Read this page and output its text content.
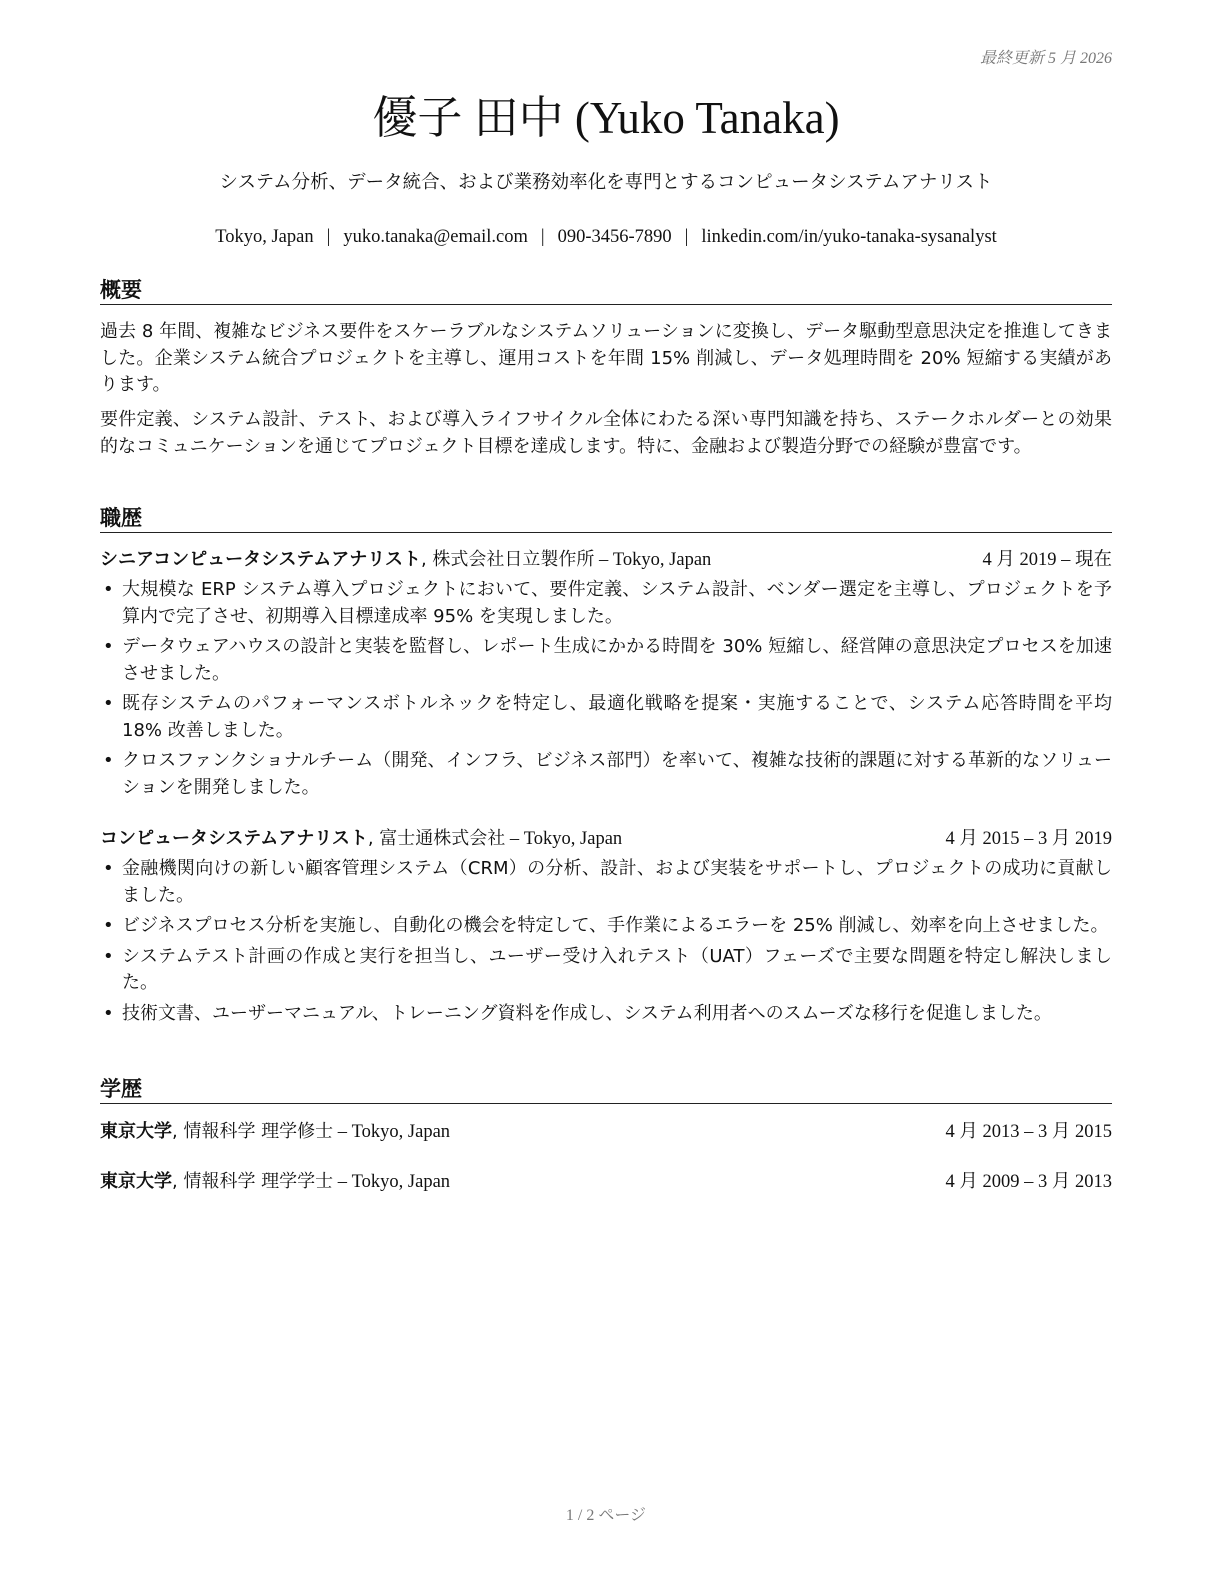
最終更新 5 月 2026
優子 田中 (Yuko Tanaka)
システム分析、データ統合、および業務効率化を専門とするコンピュータシステムアナリスト
Tokyo, Japan | yuko.tanaka@email.com | 090-3456-7890 | linkedin.com/in/yuko-tanaka-sysanalyst
概要
過去 8 年間、複雑なビジネス要件をスケーラブルなシステムソリューションに変換し、データ駆動型意思決定を推進してきました。企業システム統合プロジェクトを主導し、運用コストを年間 15% 削減し、データ処理時間を 20% 短縮する実績があります。
要件定義、システム設計、テスト、および導入ライフサイクル全体にわたる深い専門知識を持ち、ステークホルダーとの効果的なコミュニケーションを通じてプロジェクト目標を達成します。特に、金融および製造分野での経験が豊富です。
職歴
シニアコンピュータシステムアナリスト, 株式会社日立製作所 – Tokyo, Japan	4 月 2019 – 現在
• 大規模な ERP システム導入プロジェクトにおいて、要件定義、システム設計、ベンダー選定を主導し、プロジェクトを予算内で完了させ、初期導入目標達成率 95% を実現しました。
• データウェアハウスの設計と実装を監督し、レポート生成にかかる時間を 30% 短縮し、経営陣の意思決定プロセスを加速させました。
• 既存システムのパフォーマンスボトルネックを特定し、最適化戦略を提案・実施することで、システム応答時間を平均 18% 改善しました。
• クロスファンクショナルチーム（開発、インフラ、ビジネス部門）を率いて、複雑な技術的課題に対する革新的なソリューションを開発しました。
コンピュータシステムアナリスト, 富士通株式会社 – Tokyo, Japan	4 月 2015 – 3 月 2019
• 金融機関向けの新しい顧客管理システム（CRM）の分析、設計、および実装をサポートし、プロジェクトの成功に貢献しました。
• ビジネスプロセス分析を実施し、自動化の機会を特定して、手作業によるエラーを 25% 削減し、効率を向上させました。
• システムテスト計画の作成と実行を担当し、ユーザー受け入れテスト（UAT）フェーズで主要な問題を特定し解決しました。
• 技術文書、ユーザーマニュアル、トレーニング資料を作成し、システム利用者へのスムーズな移行を促進しました。
学歴
東京大学, 情報科学 理学修士 – Tokyo, Japan	4 月 2013 – 3 月 2015
東京大学, 情報科学 理学学士 – Tokyo, Japan	4 月 2009 – 3 月 2013
1 / 2 ページ
